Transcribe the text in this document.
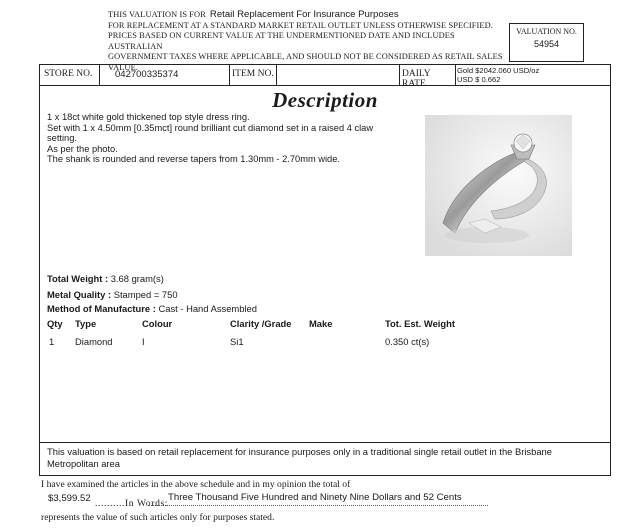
THIS VALUATION IS FOR Retail Replacement For Insurance Purposes
FOR REPLACEMENT AT A STANDARD MARKET RETAIL OUTLET UNLESS OTHERWISE SPECIFIED.
PRICES BASED ON CURRENT VALUE AT THE UNDERMENTIONED DATE AND INCLUDES AUSTRALIAN
GOVERNMENT TAXES WHERE APPLICABLE, AND SHOULD NOT BE CONSIDERED AS RETAIL SALES VALUE.
VALUATION NO.
54954
STORE NO. 042700335374	ITEM NO.	DAILY RATE
Gold $2042.060 USD/oz
USD $ 0.662
Description
1 x 18ct white gold thickened top style dress ring.
Set with 1 x 4.50mm [0.35mct] round brilliant cut diamond set in a raised 4 claw
setting.
As per the photo.
The shank is rounded and reverse tapers from 1.30mm - 2.70mm wide.
Total Weight : 3.68 gram(s)
Metal Quality : Stamped = 750
Method of Manufacture : Cast - Hand Assembled
Qty Type	Colour	Clarity /Grade Make	Tot. Est. Weight
1 Diamond	I	Si1	0.350 ct(s)
This valuation is based on retail replacement for insurance purposes only in a traditional single retail outlet in the Brisbane Metropolitan area
I have examined the articles in the above schedule and in my opinion the total of
$3,599.52 ..........In Words:
Three Thousand Five Hundred and Ninety Nine Dollars and 52 Cents
represents the value of such articles only for purposes stated.
